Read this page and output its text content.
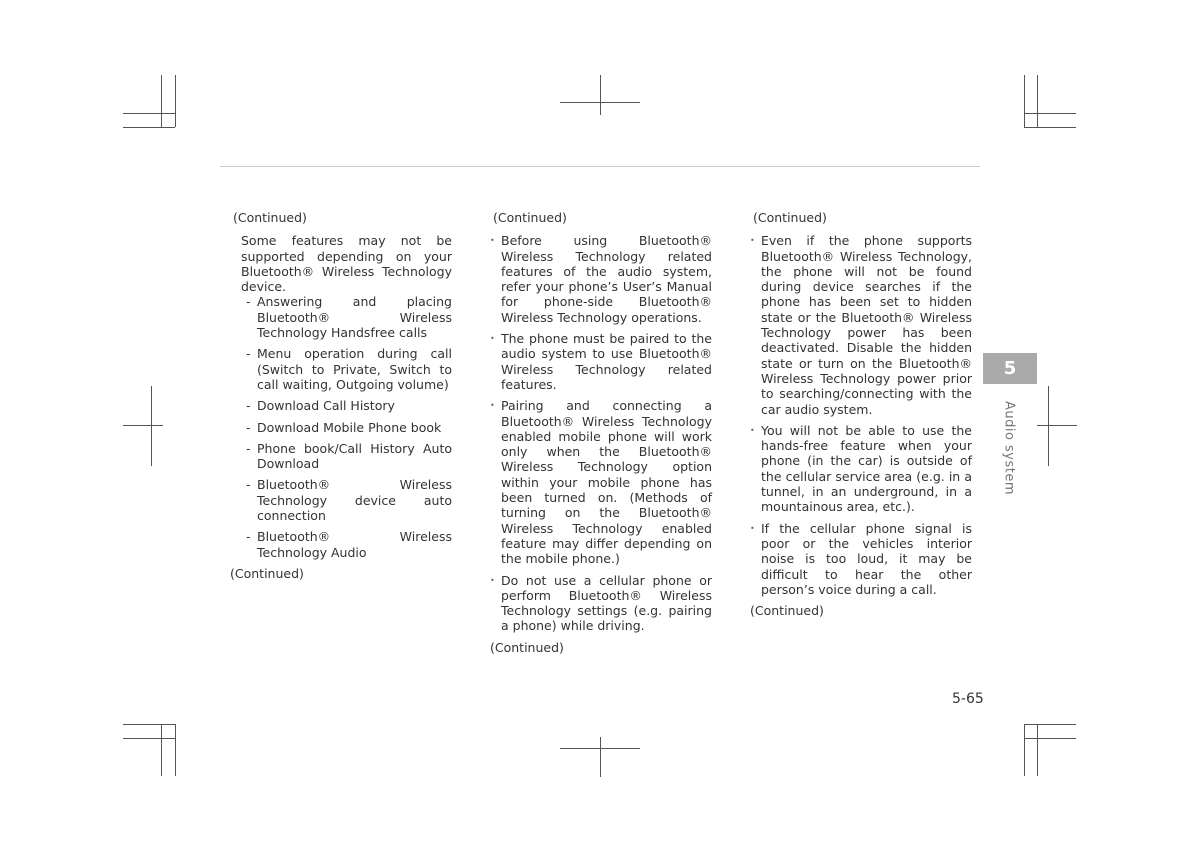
(Continued)

Some features may not be supported depending on your Bluetooth® Wireless Technology device.

- Answering and placing Bluetooth® Wireless Technology Handsfree calls
- Menu operation during call (Switch to Private, Switch to call waiting, Outgoing volume)
- Download Call History
- Download Mobile Phone book
- Phone book/Call History Auto Download
- Bluetooth® Wireless Technology device auto connection
- Bluetooth® Wireless Technology Audio
(Continued)
(Continued)
• Before using Bluetooth® Wireless Technology related features of the audio system, refer your phone’s User’s Manual for phone-side Bluetooth® Wireless Technology operations.
• The phone must be paired to the audio system to use Bluetooth® Wireless Technology related features.
• Pairing and connecting a Bluetooth® Wireless Technology enabled mobile phone will work only when the Bluetooth® Wireless Technology option within your mobile phone has been turned on. (Methods of turning on the Bluetooth® Wireless Technology enabled feature may differ depending on the mobile phone.)
• Do not use a cellular phone or perform Bluetooth® Wireless Technology settings (e.g. pairing a phone) while driving.
(Continued)
(Continued)
• Even if the phone supports Bluetooth® Wireless Technology, the phone will not be found during device searches if the phone has been set to hidden state or the Bluetooth® Wireless Technology power has been deactivated. Disable the hidden state or turn on the Bluetooth® Wireless Technology power prior to searching/connecting with the car audio system.
• You will not be able to use the hands-free feature when your phone (in the car) is outside of the cellular service area (e.g. in a tunnel, in an underground, in a mountainous area, etc.).
• If the cellular phone signal is poor or the vehicles interior noise is too loud, it may be difficult to hear the other person’s voice during a call.
(Continued)
5
Audio system
5-65
